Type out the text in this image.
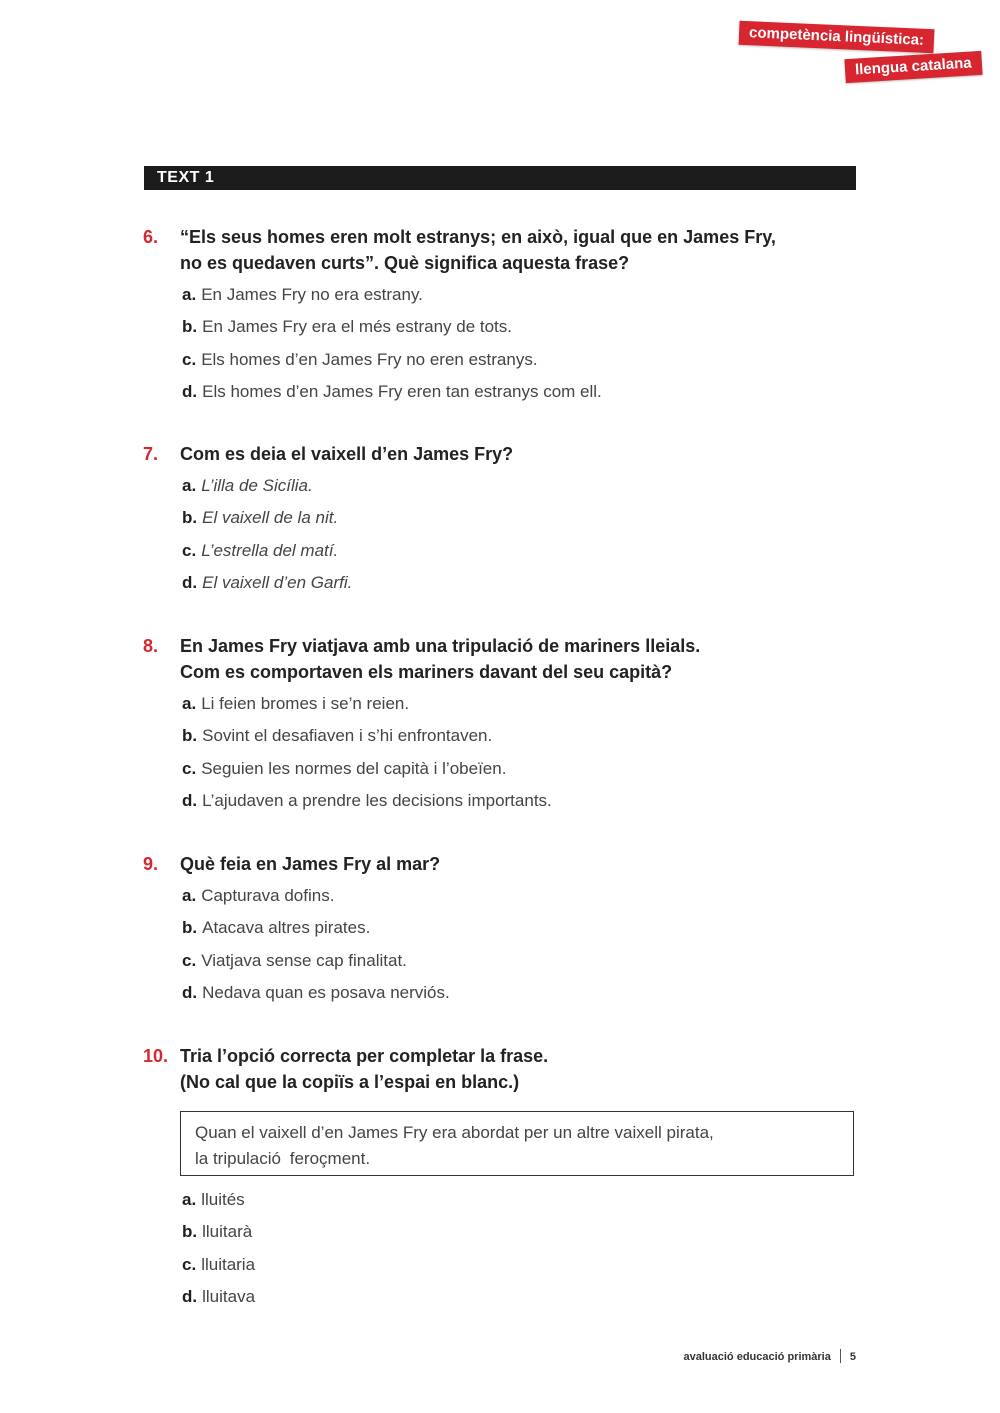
competència lingüística:
llengua catalana
TEXT 1
6. “Els seus homes eren molt estranys; en això, igual que en James Fry,
no es quedaven curts”. Què significa aquesta frase?
a. En James Fry no era estrany.
b. En James Fry era el més estrany de tots.
c. Els homes d’en James Fry no eren estranys.
d. Els homes d’en James Fry eren tan estranys com ell.
7. Com es deia el vaixell d’en James Fry?
a. L’illa de Sicília.
b. El vaixell de la nit.
c. L’estrella del matí.
d. El vaixell d’en Garfi.
8. En James Fry viatjava amb una tripulació de mariners lleials.
Com es comportaven els mariners davant del seu capità?
a. Li feien bromes i se’n reien.
b. Sovint el desafiaven i s’hi enfrontaven.
c. Seguien les normes del capità i l’obeïen.
d. L’ajudaven a prendre les decisions importants.
9. Què feia en James Fry al mar?
a. Capturava dofins.
b. Atacava altres pirates.
c. Viatjava sense cap finalitat.
d. Nedava quan es posava nerviós.
10. Tria l’opció correcta per completar la frase.
(No cal que la copiïs a l’espai en blanc.)
Quan el vaixell d’en James Fry era abordat per un altre vaixell pirata,
la tripulació feroçment.
a. lluités
b. lluitarà
c. lluitaria
d. lluitava
avaluació educació primària 5
